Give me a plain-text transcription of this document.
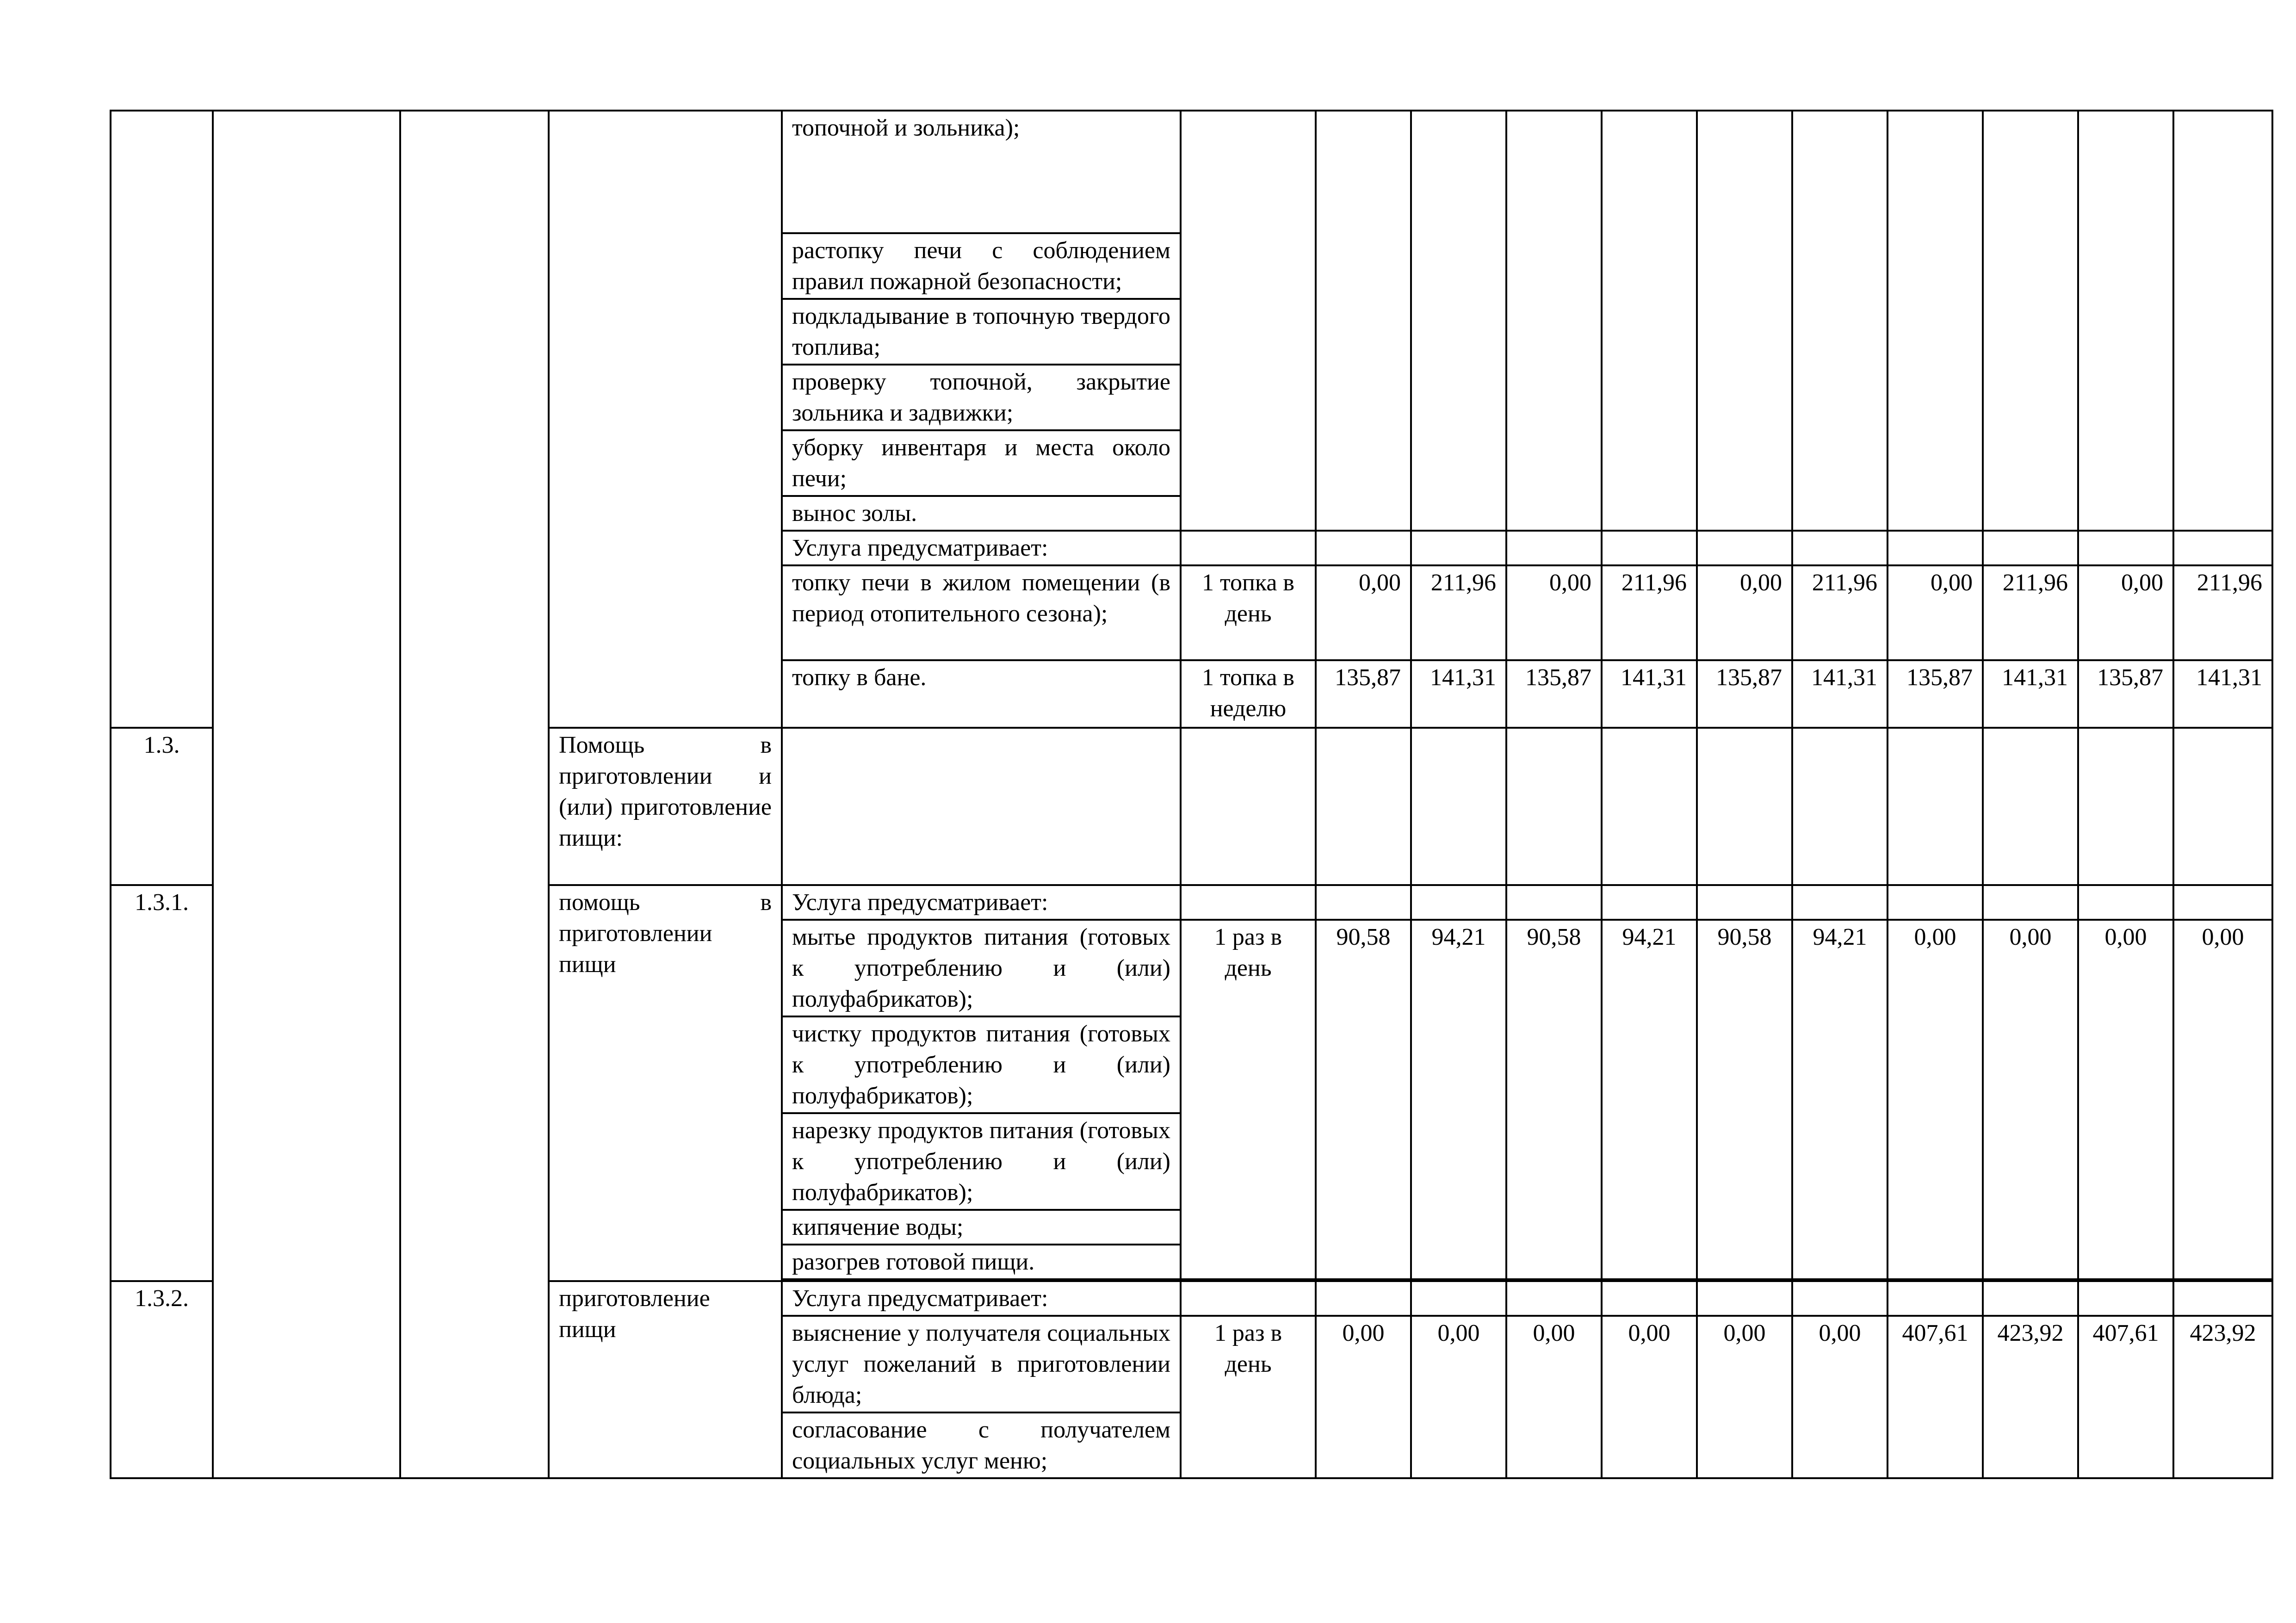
				топочной и зольника);											
				растопку печи с соблюдением правил пожарной безопасности;											
				подкладывание в топочную твердого топлива;											
				проверку топочной, закрытие зольника и задвижки;											
				уборку инвентаря и места около печи;											
				вынос золы.											
				Услуга предусматривает:											
				топку печи в жилом помещении (в период отопительного сезона);	1 топка в день	0,00	211,96	0,00	211,96	0,00	211,96	0,00	211,96	0,00	211,96
				топку в бане.	1 топка в неделю	135,87	141,31	135,87	141,31	135,87	141,31	135,87	141,31	135,87	141,31
1.3.			Помощь в приготовлении и (или) приготовление пищи:												
1.3.1.			помощь в приготовлении пищи	Услуга предусматривает:											
				мытье продуктов питания (готовых к употреблению и (или) полуфабрикатов);	1 раз в день	90,58	94,21	90,58	94,21	90,58	94,21	0,00	0,00	0,00	0,00
				чистку продуктов питания (готовых к употреблению и (или) полуфабрикатов);											
				нарезку продуктов питания (готовых к употреблению и (или) полуфабрикатов);											
				кипячение воды;											
				разогрев готовой пищи.											

1.3.2.			приготовление пищи	Услуга предусматривает:											
				выяснение у получателя социальных услуг пожеланий в приготовлении блюда;	1 раз в день	0,00	0,00	0,00	0,00	0,00	0,00	407,61	423,92	407,61	423,92
				согласование с получателем социальных услуг меню;											
